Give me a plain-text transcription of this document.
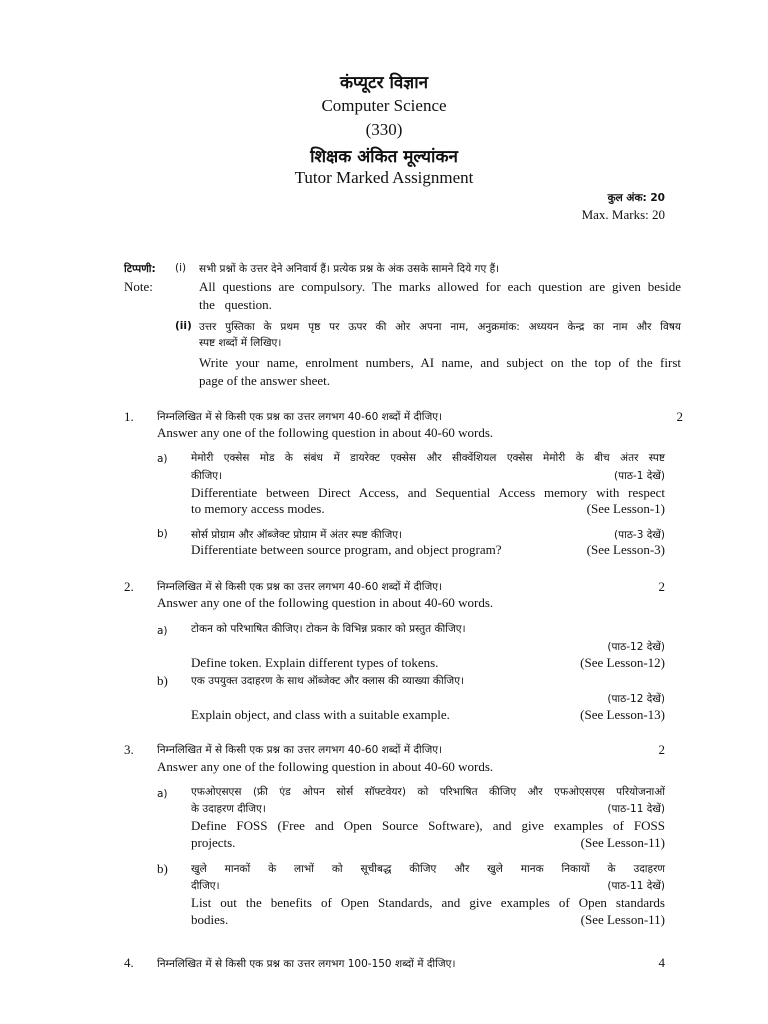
कंप्यूटर विज्ञान
Computer Science
(330)
शिक्षक अंकित मूल्यांकन
Tutor Marked Assignment
कुल अंक: 20
Max. Marks: 20
टिप्पणी: (i) सभी प्रश्नों के उत्तर देने अनिवार्य हैं। प्रत्येक प्रश्न के अंक उसके सामने दिये गए हैं।
Note:	All questions are compulsory. The marks allowed for each question are given beside
the   question.
(ii) उत्तर पुस्तिका के प्रथम पृष्ठ पर ऊपर की ओर अपना नाम, अनुक्रमांक: अध्ययन केन्द्र का नाम और विषय
स्पष्ट शब्दों में लिखिए।
Write your name, enrolment numbers, AI name, and subject on the top of the first
page of the answer sheet.
1. निम्नलिखित में से किसी एक प्रश्न का उत्तर लगभग 40-60 शब्दों में दीजिए।	2
Answer any one of the following question in about 40-60 words.
a) मेमोरी एक्सेस मोड के संबंध में डायरेक्ट एक्सेस और सीक्वेंशियल एक्सेस मेमोरी के बीच अंतर स्पष्ट
कीजिए।	(पाठ-1 देखें)
Differentiate between Direct Access, and Sequential Access memory with respect
to memory access modes.	(See Lesson-1)
b) सोर्स प्रोग्राम और ऑब्जेक्ट प्रोग्राम में अंतर स्पष्ट कीजिए।	(पाठ-3 देखें)
Differentiate between source program, and object program?	(See Lesson-3)
2. निम्नलिखित में से किसी एक प्रश्न का उत्तर लगभग 40-60 शब्दों में दीजिए।	2
Answer any one of the following question in about 40-60 words.
a) टोकन को परिभाषित कीजिए। टोकन के विभिन्न प्रकार को प्रस्तुत कीजिए।
(पाठ-12 देखें)
Define token. Explain different types of tokens.	(See Lesson-12)
b) एक उपयुक्त उदाहरण के साथ ऑब्जेक्ट और क्लास की व्याख्या कीजिए।
(पाठ-12 देखें)
Explain object, and class with a suitable example.	(See Lesson-13)
3. निम्नलिखित में से किसी एक प्रश्न का उत्तर लगभग 40-60 शब्दों में दीजिए।	2
Answer any one of the following question in about 40-60 words.
a) एफओएसएस (फ्री एंड ओपन सोर्स सॉफ्टवेयर) को परिभाषित कीजिए और एफओएसएस परियोजनाओं
के उदाहरण दीजिए।	(पाठ-11 देखें)
Define FOSS (Free and Open Source Software), and give examples of FOSS
projects.	(See Lesson-11)
b) खुले मानकों के लाभों को सूचीबद्ध कीजिए और खुले मानक निकायों के उदाहरण
दीजिए।	(पाठ-11 देखें)
List out the benefits of Open Standards, and give examples of Open standards
bodies.	(See Lesson-11)
4. निम्नलिखित में से किसी एक प्रश्न का उत्तर लगभग 100-150 शब्दों में दीजिए।	4
